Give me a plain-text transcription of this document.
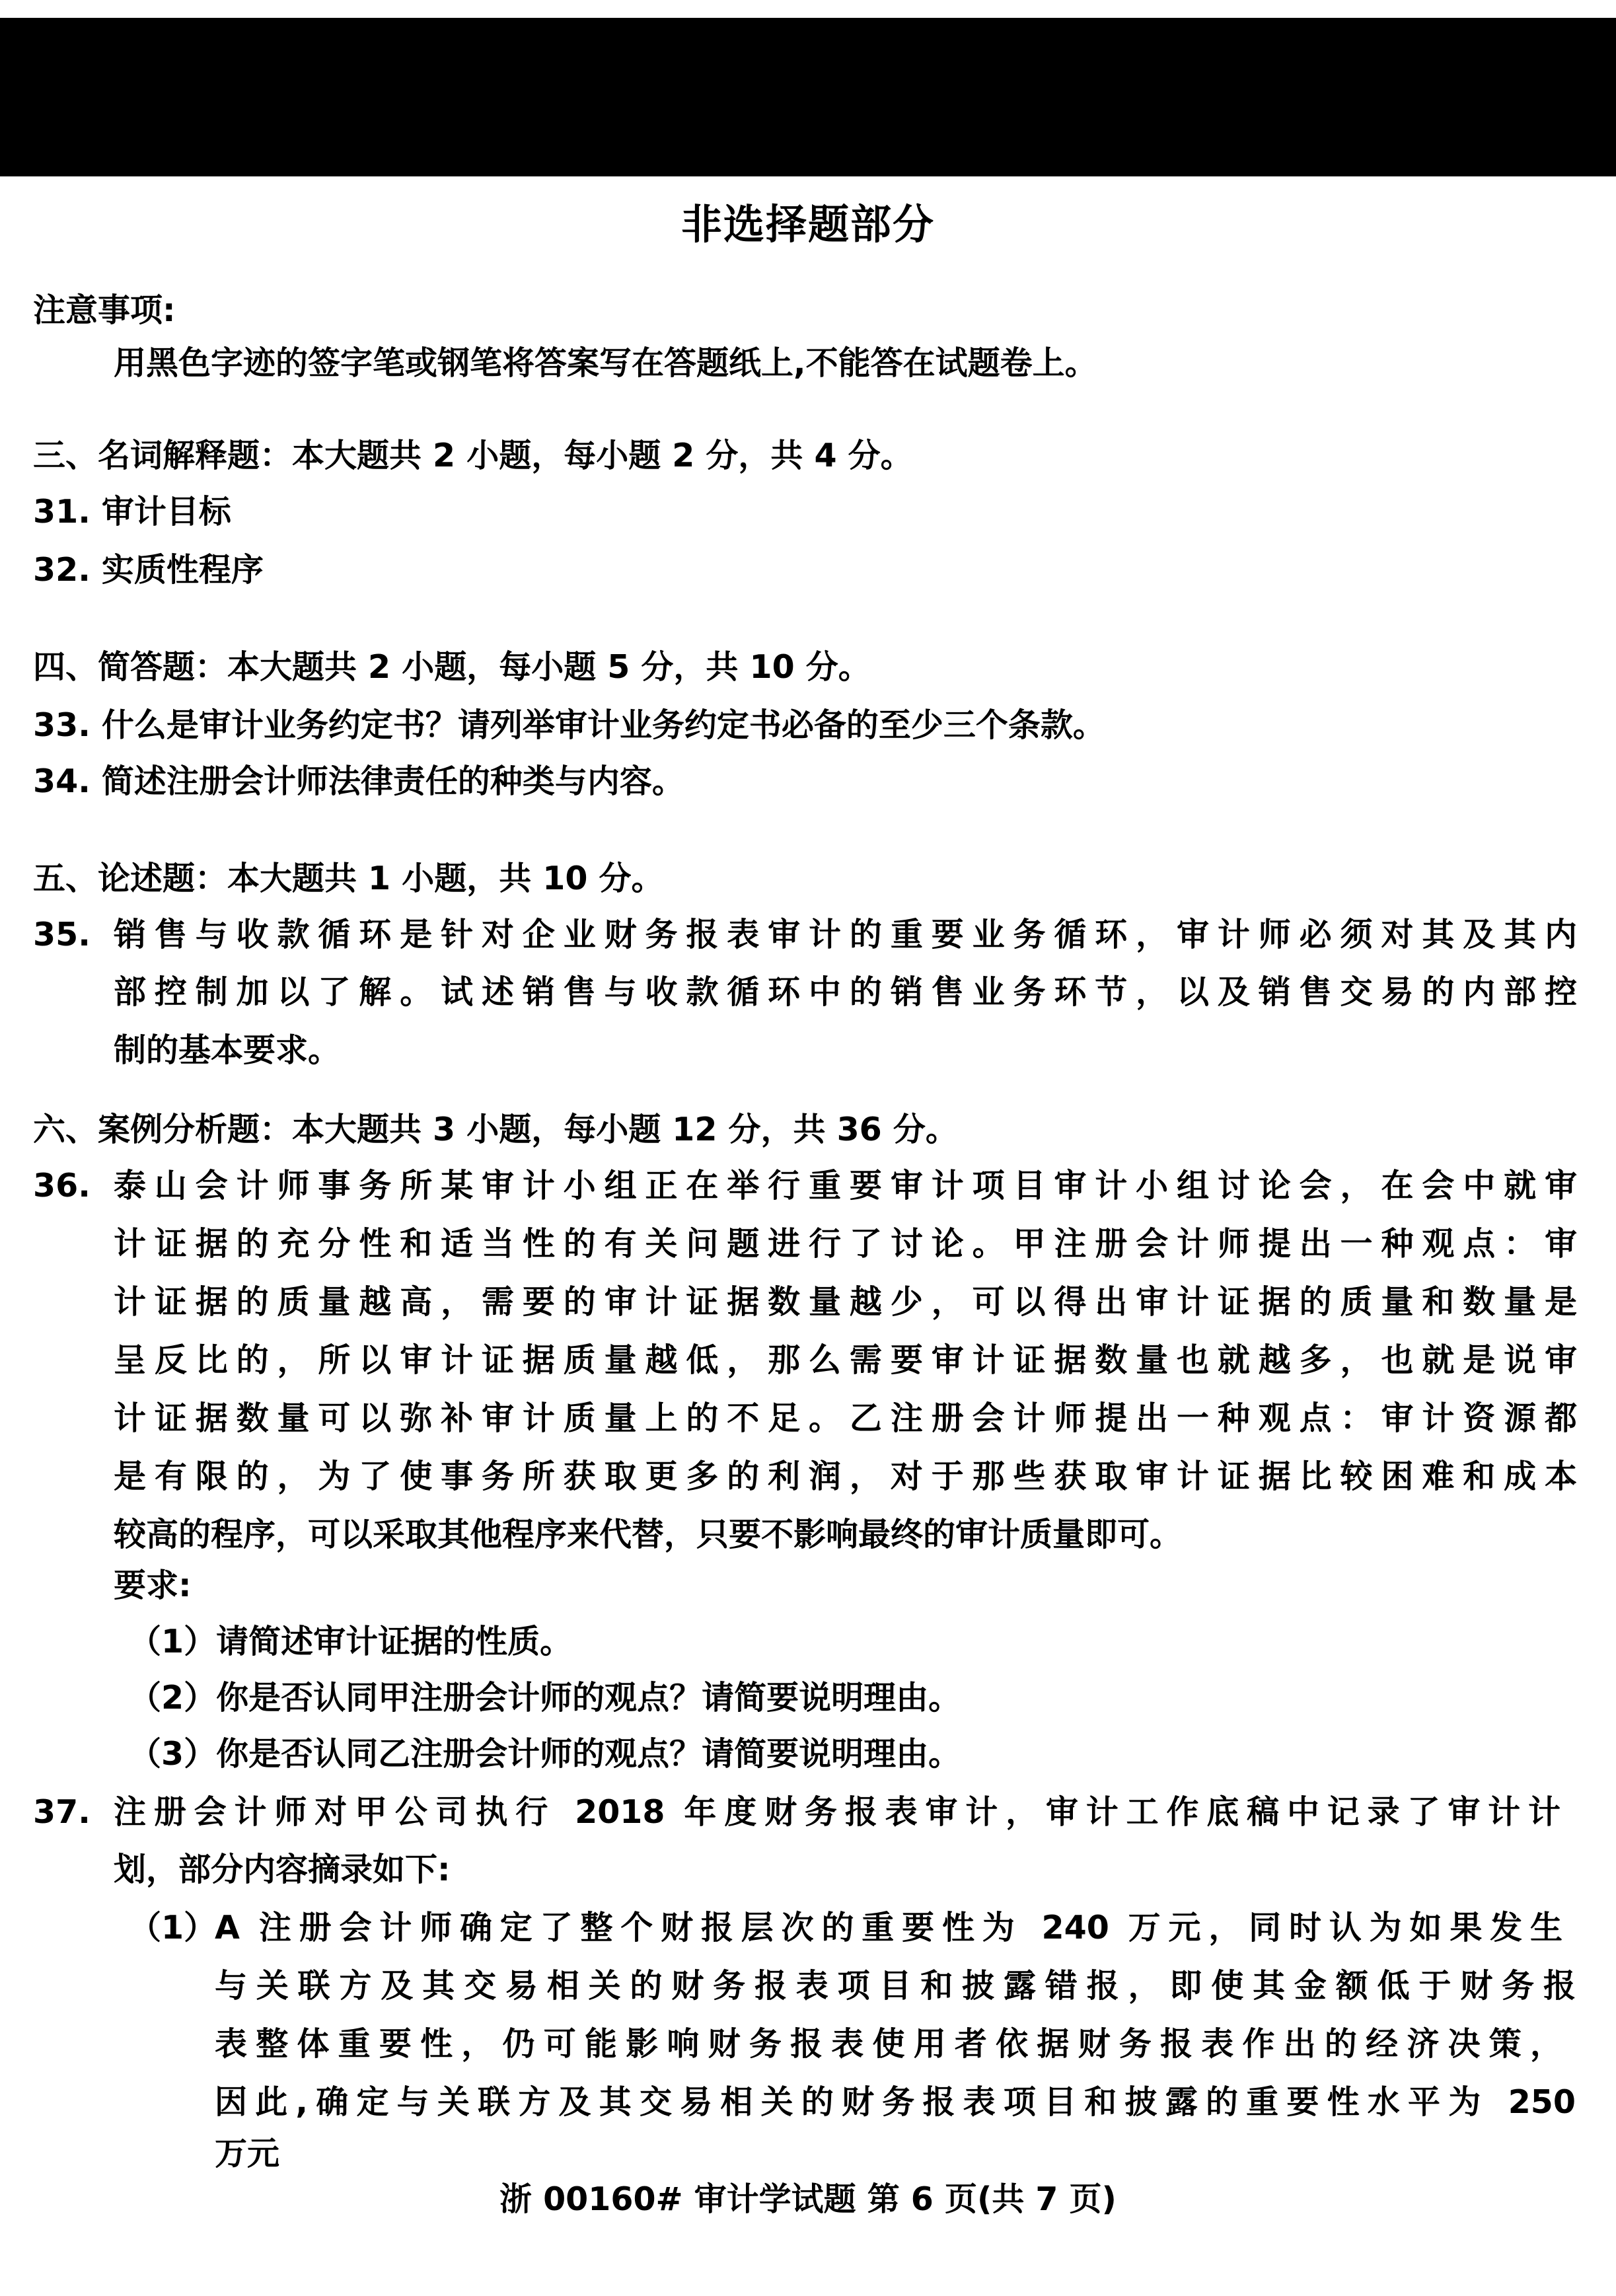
非选择题部分
注意事项:
用黑色字迹的签字笔或钢笔将答案写在答题纸上,不能答在试题卷上。
三、名词解释题：本大题共 2 小题，每小题 2 分，共 4 分。
31. 审计目标
32. 实质性程序
四、简答题：本大题共 2 小题，每小题 5 分，共 10 分。
33. 什么是审计业务约定书？请列举审计业务约定书必备的至少三个条款。
34. 简述注册会计师法律责任的种类与内容。
五、论述题：本大题共 1 小题，共 10 分。
35. 销售与收款循环是针对企业财务报表审计的重要业务循环，审计师必须对其及其内
部控制加以了解。试述销售与收款循环中的销售业务环节，以及销售交易的内部控
制的基本要求。
六、案例分析题：本大题共 3 小题，每小题 12 分，共 36 分。
36. 泰山会计师事务所某审计小组正在举行重要审计项目审计小组讨论会，在会中就审
计证据的充分性和适当性的有关问题进行了讨论。甲注册会计师提出一种观点：审
计证据的质量越高，需要的审计证据数量越少，可以得出审计证据的质量和数量是
呈反比的，所以审计证据质量越低，那么需要审计证据数量也就越多，也就是说审
计证据数量可以弥补审计质量上的不足。乙注册会计师提出一种观点：审计资源都
是有限的，为了使事务所获取更多的利润，对于那些获取审计证据比较困难和成本
较高的程序，可以采取其他程序来代替，只要不影响最终的审计质量即可。
要求:
（1）请简述审计证据的性质。
（2）你是否认同甲注册会计师的观点？请简要说明理由。
（3）你是否认同乙注册会计师的观点？请简要说明理由。
37. 注册会计师对甲公司执行 2018 年度财务报表审计，审计工作底稿中记录了审计计
划，部分内容摘录如下:
（1）
A 注册会计师确定了整个财报层次的重要性为 240 万元，同时认为如果发生
与关联方及其交易相关的财务报表项目和披露错报，即使其金额低于财务报
表整体重要性，仍可能影响财务报表使用者依据财务报表作出的经济决策，
因此,确定与关联方及其交易相关的财务报表项目和披露的重要性水平为 250
万元
浙 00160# 审计学试题 第 6 页(共 7 页)
